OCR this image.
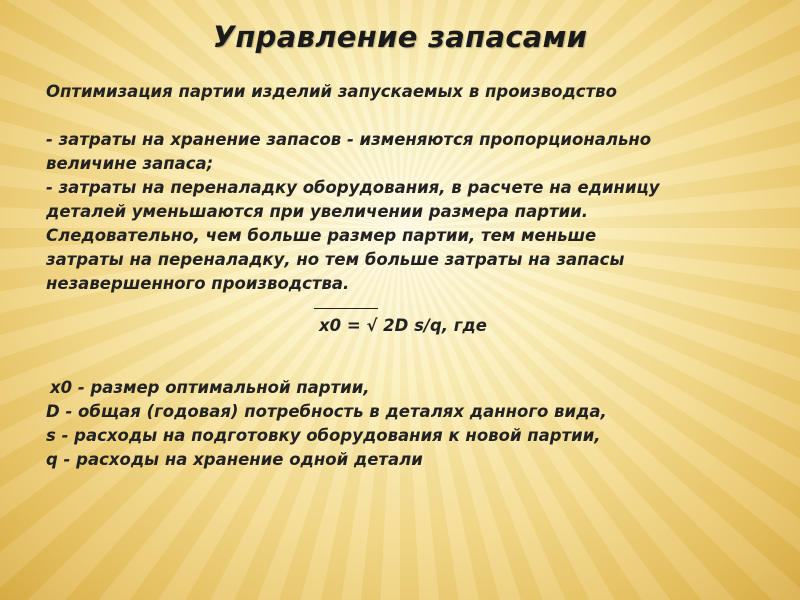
Управление запасами
Оптимизация партии изделий запускаемых в производство
- затраты на хранение запасов - изменяются пропорционально
величине запаса;
- затраты на переналадку оборудования, в расчете на единицу
деталей уменьшаются при увеличении размера партии.
Следовательно, чем больше размер партии, тем меньше
затраты на переналадку, но тем больше затраты на запасы
незавершенного производства.
x0 = √ 2D s/q, где
x0 - размер оптимальной партии,
D - общая (годовая) потребность в деталях данного вида,
s - расходы на подготовку оборудования к новой партии,
q - расходы на хранение одной детали
